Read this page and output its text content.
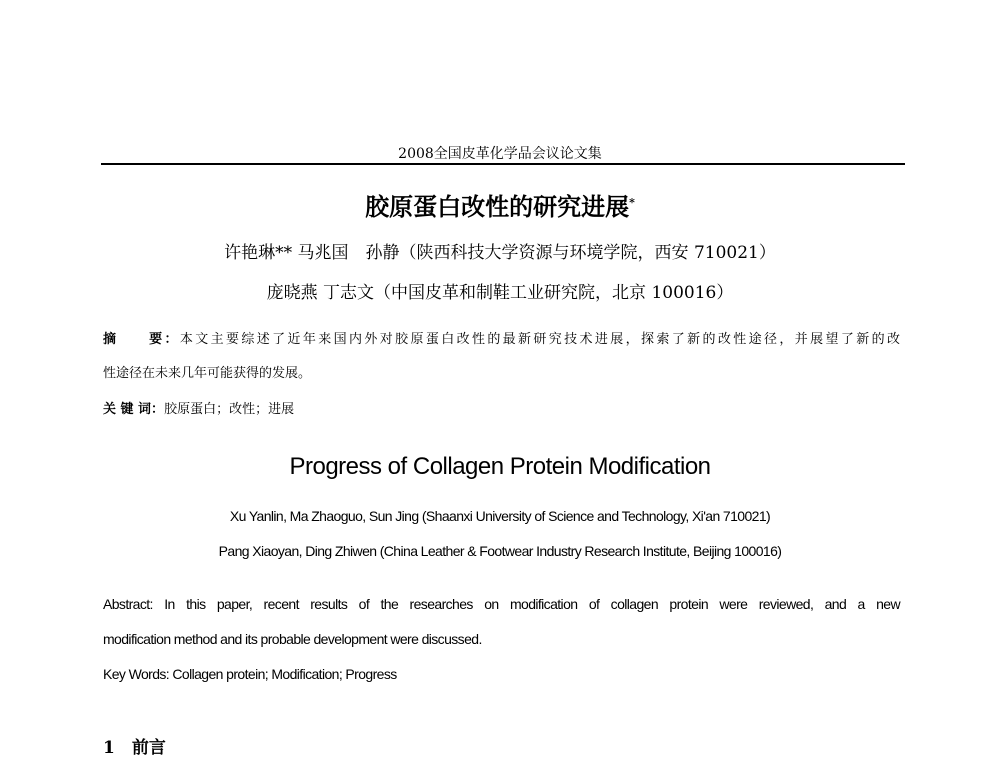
2008全国皮革化学品会议论文集
胶原蛋白改性的研究进展*
许艳琳** 马兆国　孙静（陕西科技大学资源与环境学院，西安 710021）
庞晓燕 丁志文（中国皮革和制鞋工业研究院，北京 100016）
摘　　要：本文主要综述了近年来国内外对胶原蛋白改性的最新研究技术进展，探索了新的改性途径，并展望了新的改
性途径在未来几年可能获得的发展。
关 键 词：胶原蛋白；改性；进展
Progress of Collagen Protein Modification
Xu Yanlin, Ma Zhaoguo, Sun Jing (Shaanxi University of Science and Technology, Xi'an 710021)
Pang Xiaoyan, Ding Zhiwen (China Leather & Footwear Industry Research Institute, Beijing 100016)
Abstract: In this paper, recent results of the researches on modification of collagen protein were reviewed, and a new
modification method and its probable development were discussed.
Key Words: Collagen protein; Modification; Progress
1　前言
